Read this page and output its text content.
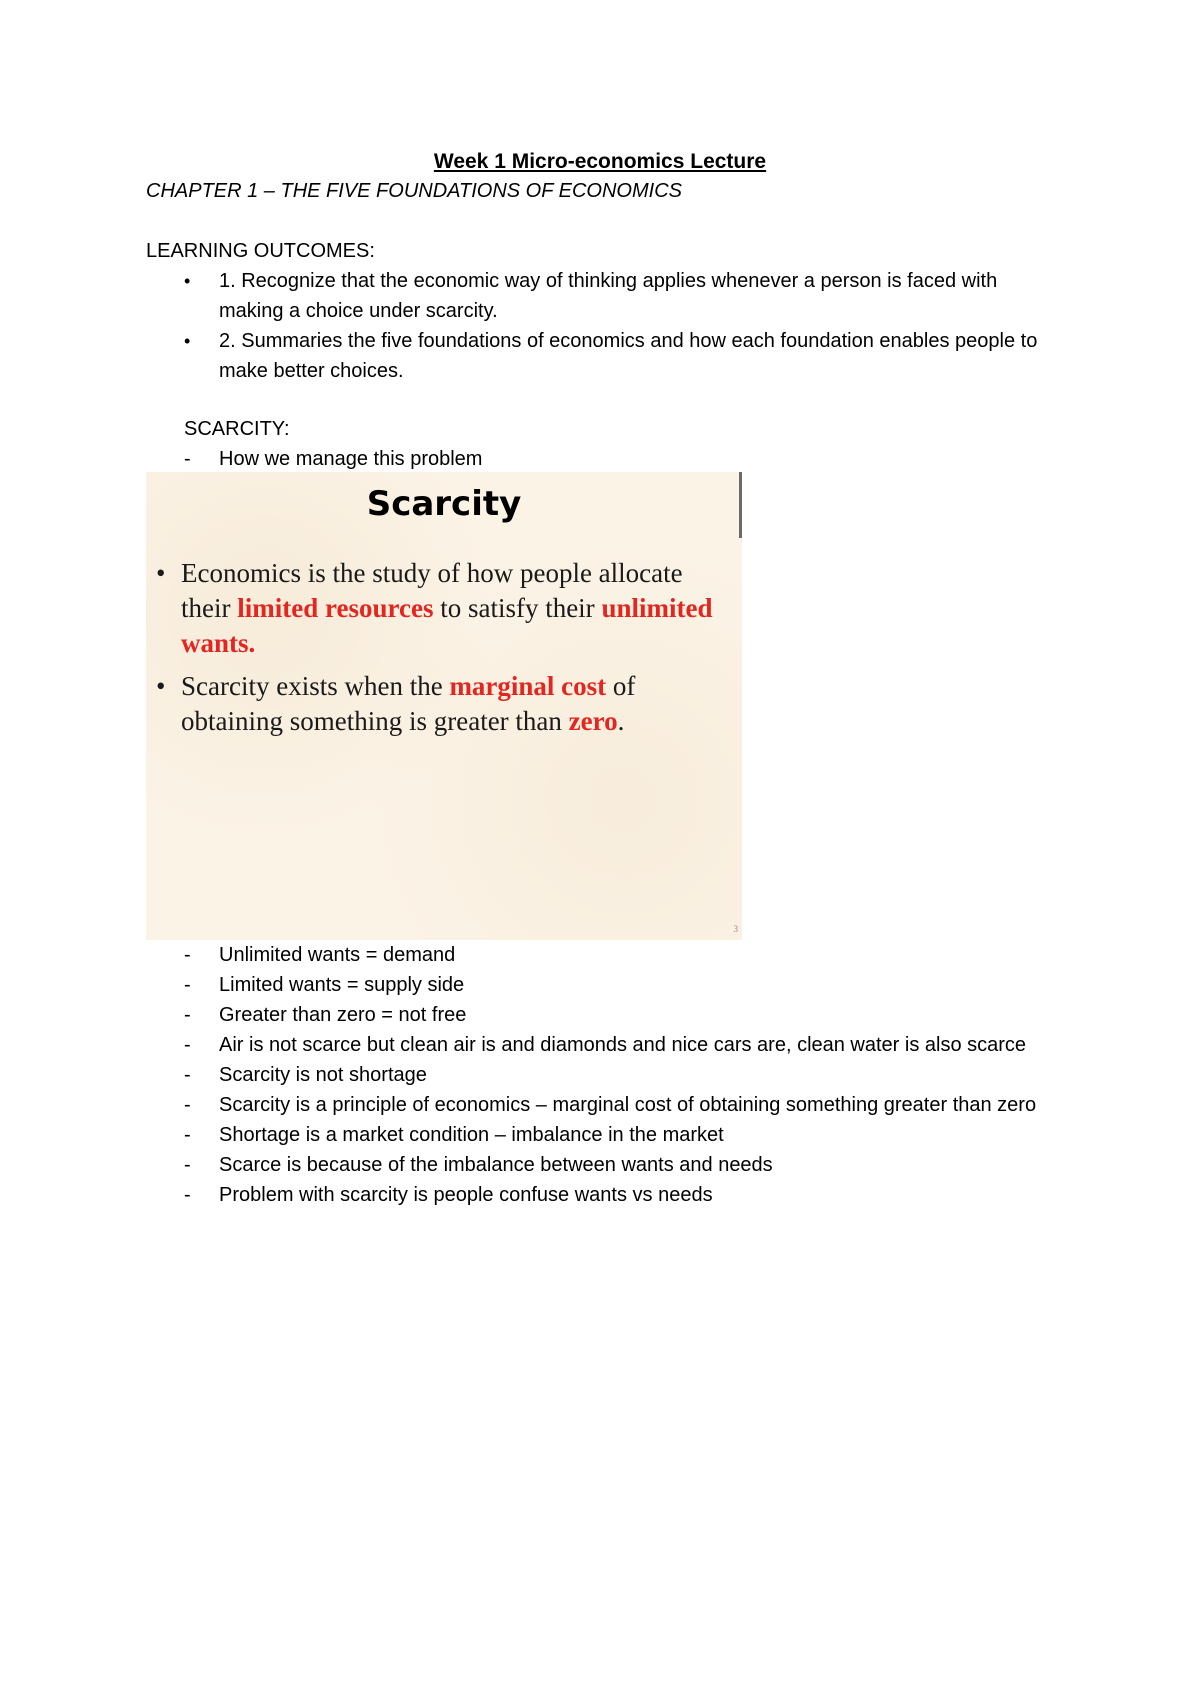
Week 1 Micro-economics Lecture

CHAPTER 1 – THE FIVE FOUNDATIONS OF ECONOMICS

LEARNING OUTCOMES:

• 1. Recognize that the economic way of thinking applies whenever a person is faced with making a choice under scarcity.
• 2. Summaries the five foundations of economics and how each foundation enables people to make better choices.

SCARCITY:

- How we manage this problem
Scarcity
• Economics is the study of how people allocate their limited resources to satisfy their unlimited wants.
• Scarcity exists when the marginal cost of obtaining something is greater than zero.
3
- Unlimited wants = demand
- Limited wants = supply side
- Greater than zero = not free
- Air is not scarce but clean air is and diamonds and nice cars are, clean water is also scarce
- Scarcity is not shortage
- Scarcity is a principle of economics – marginal cost of obtaining something greater than zero
- Shortage is a market condition – imbalance in the market
- Scarce is because of the imbalance between wants and needs
- Problem with scarcity is people confuse wants vs needs
